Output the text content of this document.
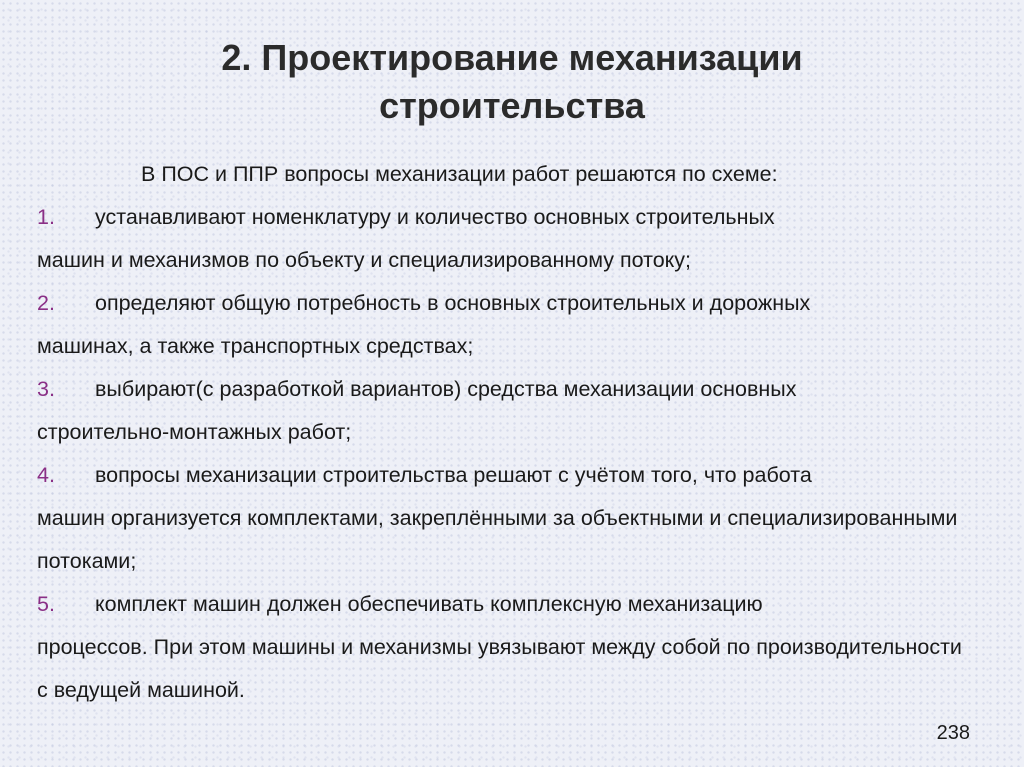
2. Проектирование механизации
строительства

В ПОС и ППР вопросы механизации работ решаются по схеме:

1. устанавливают номенклатуру и количество основных строительных
машин и механизмов по объекту и специализированному потоку;

2. определяют общую потребность в основных строительных и дорожных
машинах, а также транспортных средствах;

3. выбирают(с разработкой вариантов) средства механизации основных
строительно-монтажных работ;

4. вопросы механизации строительства решают с учётом того, что работа
машин организуется комплектами, закреплёнными за объектными и специализированными потоками;

5. комплект машин должен обеспечивать комплексную механизацию
процессов. При этом машины и механизмы увязывают между собой по производительности с ведущей машиной.

238
